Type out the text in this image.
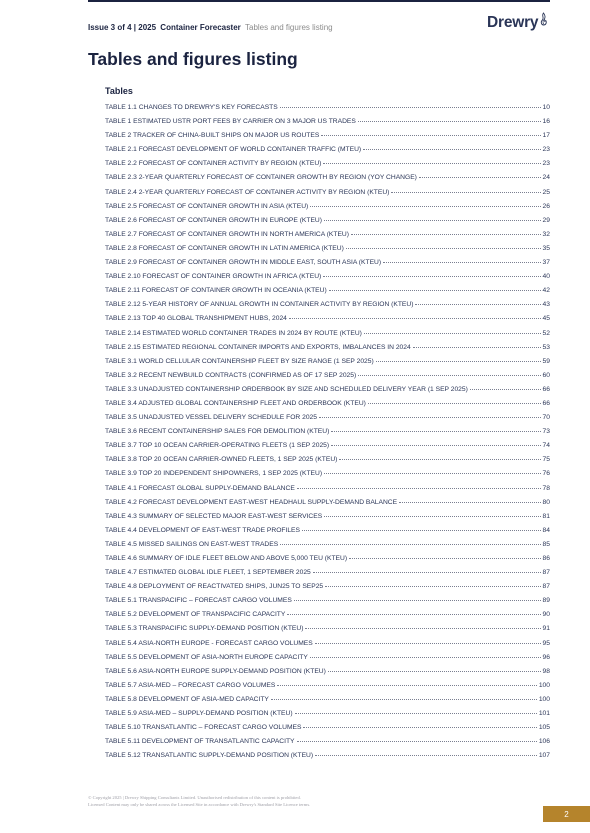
Issue 3 of 4 | 2025 Container Forecaster Tables and figures listing	Drewry
Tables and figures listing
Tables
TABLE 1.1 CHANGES TO DREWRY'S KEY FORECASTS	10
TABLE 1 ESTIMATED USTR PORT FEES BY CARRIER ON 3 MAJOR US TRADES	16
TABLE 2 TRACKER OF CHINA-BUILT SHIPS ON MAJOR US ROUTES	17
TABLE 2.1 FORECAST DEVELOPMENT OF WORLD CONTAINER TRAFFIC (MTEU)	23
TABLE 2.2 FORECAST OF CONTAINER ACTIVITY BY REGION (KTEU)	23
TABLE 2.3 2-YEAR QUARTERLY FORECAST OF CONTAINER GROWTH BY REGION (YOY CHANGE)	24
TABLE 2.4 2-YEAR QUARTERLY FORECAST OF CONTAINER ACTIVITY BY REGION (KTEU)	25
TABLE 2.5 FORECAST OF CONTAINER GROWTH IN ASIA (KTEU)	26
TABLE 2.6 FORECAST OF CONTAINER GROWTH IN EUROPE (KTEU)	29
TABLE 2.7 FORECAST OF CONTAINER GROWTH IN NORTH AMERICA (KTEU)	32
TABLE 2.8 FORECAST OF CONTAINER GROWTH IN LATIN AMERICA (KTEU)	35
TABLE 2.9 FORECAST OF CONTAINER GROWTH IN MIDDLE EAST, SOUTH ASIA (KTEU)	37
TABLE 2.10 FORECAST OF CONTAINER GROWTH IN AFRICA (KTEU)	40
TABLE 2.11 FORECAST OF CONTAINER GROWTH IN OCEANIA (KTEU)	42
TABLE 2.12 5-YEAR HISTORY OF ANNUAL GROWTH IN CONTAINER ACTIVITY BY REGION (KTEU)	43
TABLE 2.13 TOP 40 GLOBAL TRANSHIPMENT HUBS, 2024	45
TABLE 2.14 ESTIMATED WORLD CONTAINER TRADES IN 2024 BY ROUTE (KTEU)	52
TABLE 2.15 ESTIMATED REGIONAL CONTAINER IMPORTS AND EXPORTS, IMBALANCES IN 2024	53
TABLE 3.1 WORLD CELLULAR CONTAINERSHIP FLEET BY SIZE RANGE (1 SEP 2025)	59
TABLE 3.2 RECENT NEWBUILD CONTRACTS (CONFIRMED AS OF 17 SEP 2025)	60
TABLE 3.3 UNADJUSTED CONTAINERSHIP ORDERBOOK BY SIZE AND SCHEDULED DELIVERY YEAR (1 SEP 2025)	66
TABLE 3.4 ADJUSTED GLOBAL CONTAINERSHIP FLEET AND ORDERBOOK (KTEU)	66
TABLE 3.5 UNADJUSTED VESSEL DELIVERY SCHEDULE FOR 2025	70
TABLE 3.6 RECENT CONTAINERSHIP SALES FOR DEMOLITION (KTEU)	73
TABLE 3.7 TOP 10 OCEAN CARRIER-OPERATING FLEETS (1 SEP 2025)	74
TABLE 3.8 TOP 20 OCEAN CARRIER-OWNED FLEETS, 1 SEP 2025 (KTEU)	75
TABLE 3.9 TOP 20 INDEPENDENT SHIPOWNERS, 1 SEP 2025 (KTEU)	76
TABLE 4.1 FORECAST GLOBAL SUPPLY-DEMAND BALANCE	78
TABLE 4.2 FORECAST DEVELOPMENT EAST-WEST HEADHAUL SUPPLY-DEMAND BALANCE	80
TABLE 4.3 SUMMARY OF SELECTED MAJOR EAST-WEST SERVICES	81
TABLE 4.4 DEVELOPMENT OF EAST-WEST TRADE PROFILES	84
TABLE 4.5 MISSED SAILINGS ON EAST-WEST TRADES	85
TABLE 4.6 SUMMARY OF IDLE FLEET BELOW AND ABOVE 5,000 TEU (KTEU)	86
TABLE 4.7 ESTIMATED GLOBAL IDLE FLEET, 1 SEPTEMBER 2025	87
TABLE 4.8 DEPLOYMENT OF REACTIVATED SHIPS, JUN25 TO SEP25	87
TABLE 5.1 TRANSPACIFIC – FORECAST CARGO VOLUMES	89
TABLE 5.2 DEVELOPMENT OF TRANSPACIFIC CAPACITY	90
TABLE 5.3 TRANSPACIFIC SUPPLY-DEMAND POSITION (KTEU)	91
TABLE 5.4 ASIA-NORTH EUROPE - FORECAST CARGO VOLUMES	95
TABLE 5.5 DEVELOPMENT OF ASIA-NORTH EUROPE CAPACITY	96
TABLE 5.6 ASIA-NORTH EUROPE SUPPLY-DEMAND POSITION (KTEU)	98
TABLE 5.7 ASIA-MED – FORECAST CARGO VOLUMES	100
TABLE 5.8 DEVELOPMENT OF ASIA-MED CAPACITY	100
TABLE 5.9 ASIA-MED – SUPPLY-DEMAND POSITION (KTEU)	101
TABLE 5.10 TRANSATLANTIC – FORECAST CARGO VOLUMES	105
TABLE 5.11 DEVELOPMENT OF TRANSATLANTIC CAPACITY	106
TABLE 5.12 TRANSATLANTIC SUPPLY-DEMAND POSITION (KTEU)	107
© Copyright 2025 | Drewry Shipping Consultants Limited. Unauthorised redistribution of this content is prohibited.
Licensed Content may only be shared across the Licensed Site in accordance with Drewry's Standard Site Licence terms.
2
